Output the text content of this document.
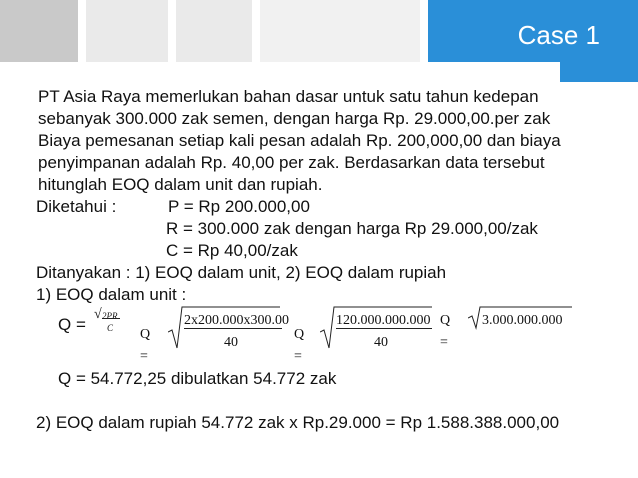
Case 1
PT Asia Raya memerlukan bahan dasar untuk satu tahun kedepan
sebanyak 300.000 zak semen, dengan harga Rp. 29.000,00.per zak
Biaya pemesanan setiap kali pesan adalah Rp. 200,000,00 dan biaya
penyimpanan adalah Rp. 40,00 per zak. Berdasarkan data tersebut
hitunglah EOQ dalam unit dan rupiah.
Diketahui :	P = Rp 200.000,00
R = 300.000 zak dengan harga Rp 29.000,00/zak
C = Rp 40,00/zak
Ditanyakan : 1) EOQ dalam unit, 2) EOQ dalam rupiah
1) EOQ dalam unit :
Q =
√ 2PR
C Q =
2x200.000x300.00
40
Q =
120.000.000.000
40
Q =
3.000.000.000
Q = 54.772,25 dibulatkan 54.772 zak
2) EOQ dalam rupiah 54.772 zak x Rp.29.000 = Rp 1.588.388.000,00
